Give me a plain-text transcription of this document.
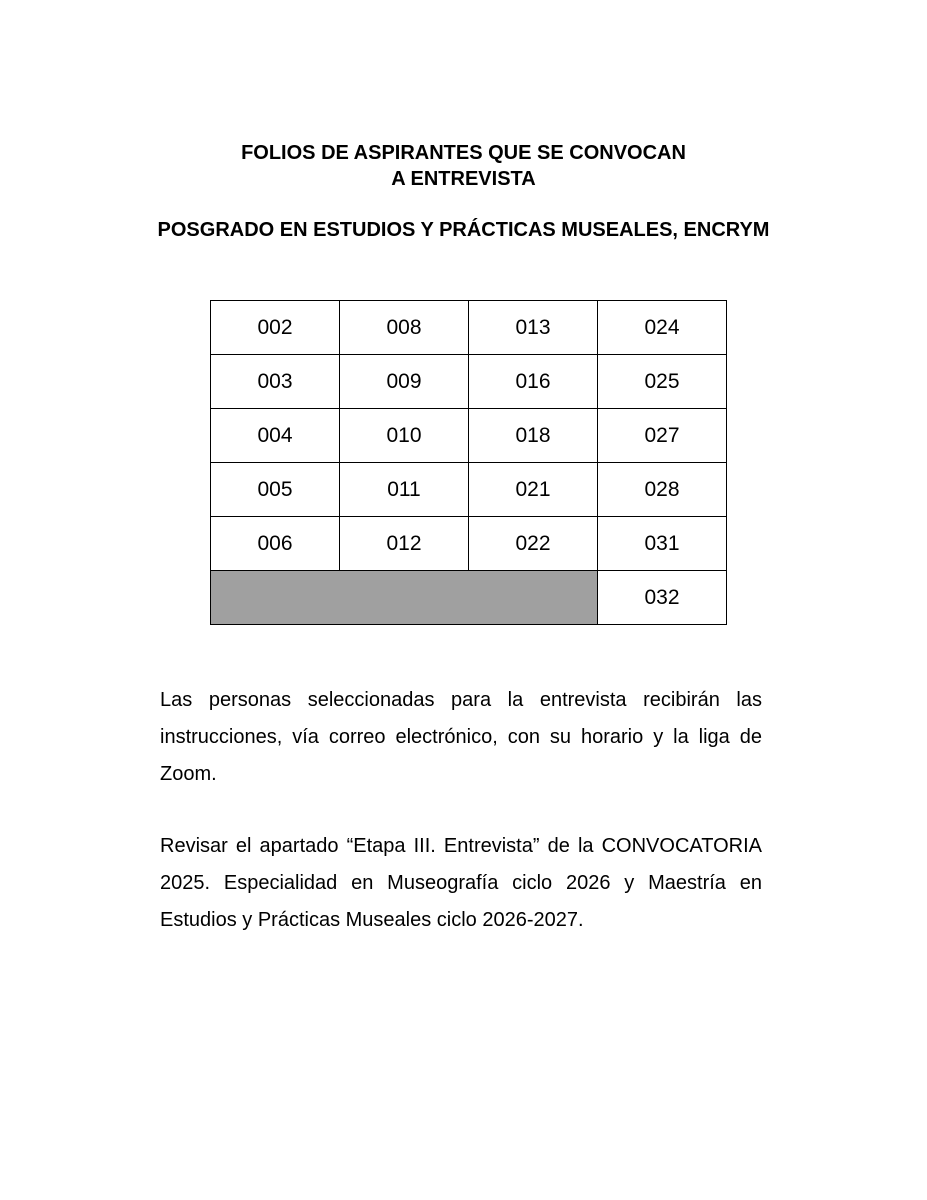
FOLIOS DE ASPIRANTES QUE SE CONVOCAN
A ENTREVISTA
POSGRADO EN ESTUDIOS Y PRÁCTICAS MUSEALES, ENCRYM
002	008	013	024
003	009	016	025
004	010	018	027
005	011	021	028
006	012	022	031
			032

Las personas seleccionadas para la entrevista recibirán las instrucciones, vía correo electrónico, con su horario y la liga de Zoom.

Revisar el apartado “Etapa III. Entrevista” de la CONVOCATORIA 2025. Especialidad en Museografía ciclo 2026 y Maestría en Estudios y Prácticas Museales ciclo 2026-2027.
